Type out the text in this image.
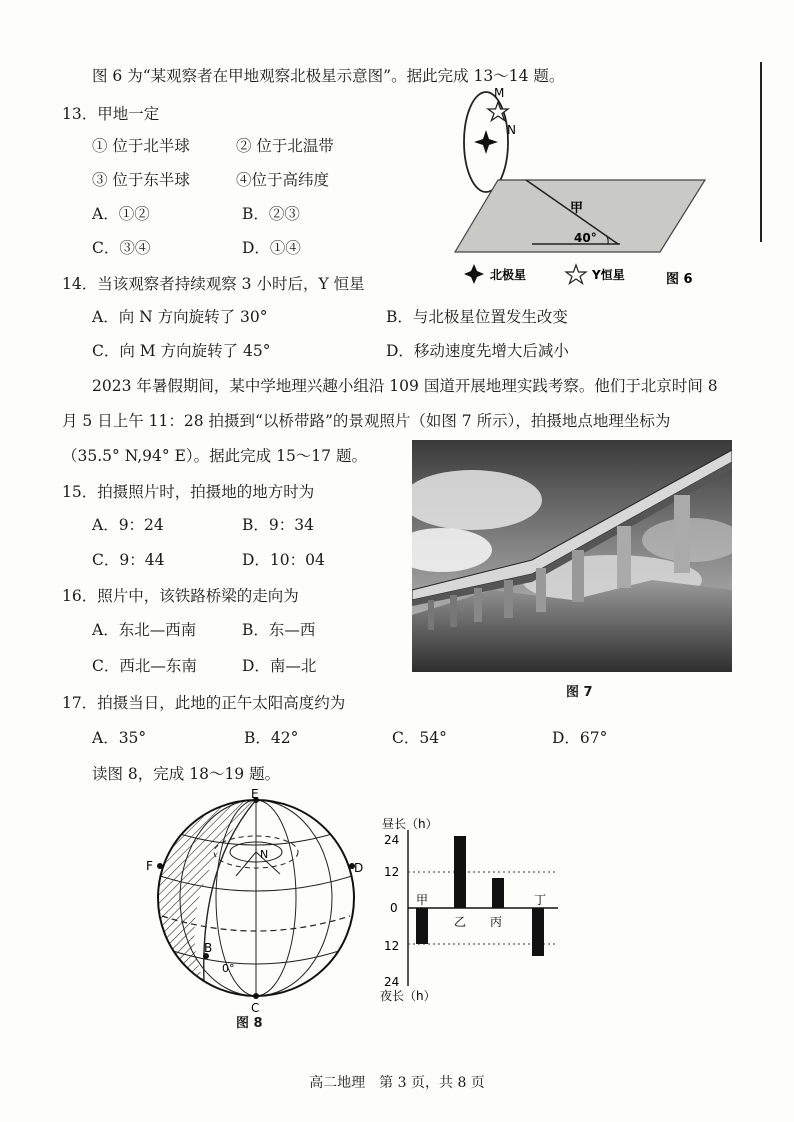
图 6 为“某观察者在甲地观察北极星示意图”。据此完成 13～14 题。
13．甲地一定
① 位于北半球	② 位于北温带
③ 位于东半球	④位于高纬度
A．①②	B．②③
C．③④	D．①④
M
N
甲
40°
北极星	Y恒星	图 6
14．当该观察者持续观察 3 小时后，Y 恒星
A．向 N 方向旋转了 30°	B．与北极星位置发生改变
C．向 M 方向旋转了 45°	D．移动速度先增大后减小
2023 年暑假期间，某中学地理兴趣小组沿 109 国道开展地理实践考察。他们于北京时间 8
月 5 日上午 11：28 拍摄到“以桥带路”的景观照片（如图 7 所示），拍摄地点地理坐标为
（35.5° N,94° E）。据此完成 15～17 题。
图 7
15．拍摄照片时，拍摄地的地方时为
A．9：24	B．9：34
C．9：44	D．10：04
16．照片中，该铁路桥梁的走向为
A．东北—西南	B．东—西
C．西北—东南	D．南—北
17．拍摄当日，此地的正午太阳高度约为
A．35°	B．42°	C．54°	D．67°
读图 8，完成 18～19 题。
E
F	D
C
B
N
0°
图 8
昼长（h）
夜长（h）
24
12
0
12
24
甲
乙 丙
丁
高二地理　第 3 页，共 8 页
